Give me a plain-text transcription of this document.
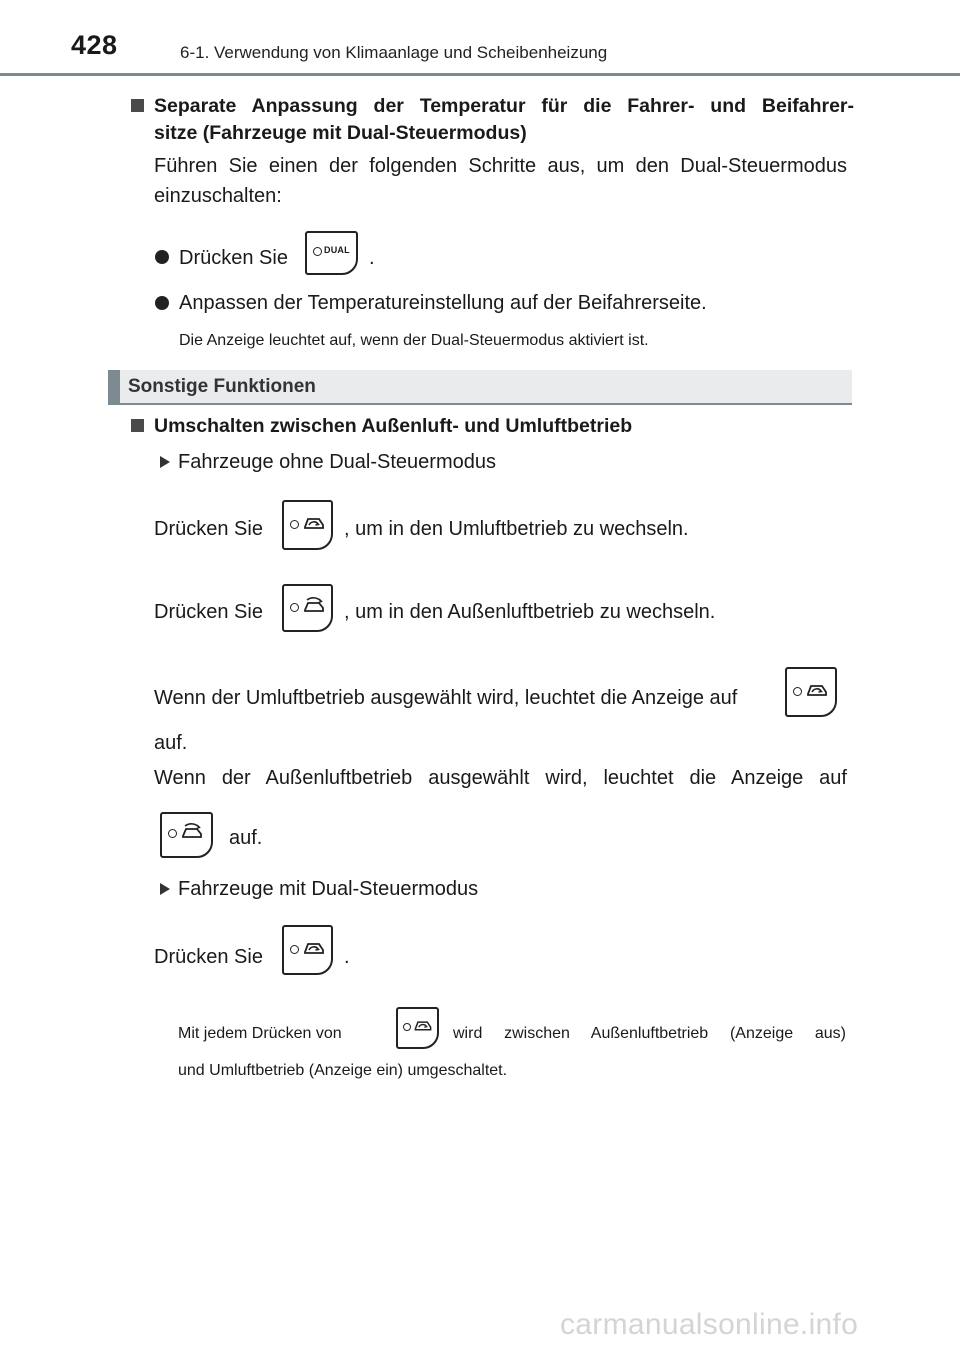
428	6-1. Verwendung von Klimaanlage und Scheibenheizung
Separate Anpassung der Temperatur für die Fahrer- und Beifahrer-
sitze (Fahrzeuge mit Dual-Steuermodus)
Führen Sie einen der folgenden Schritte aus, um den Dual-Steuermodus
einzuschalten:
Drücken Sie	DUAL .
Anpassen der Temperatureinstellung auf der Beifahrerseite.
Die Anzeige leuchtet auf, wenn der Dual-Steuermodus aktiviert ist.
Sonstige Funktionen
Umschalten zwischen Außenluft- und Umluftbetrieb
Fahrzeuge ohne Dual-Steuermodus
Drücken Sie	, um in den Umluftbetrieb zu wechseln.
Drücken Sie	, um in den Außenluftbetrieb zu wechseln.
Wenn der Umluftbetrieb ausgewählt wird, leuchtet die Anzeige auf
auf.
Wenn der Außenluftbetrieb ausgewählt wird, leuchtet die Anzeige auf
auf.
Fahrzeuge mit Dual-Steuermodus
Drücken Sie	.
Mit jedem Drücken von	wird zwischen Außenluftbetrieb (Anzeige aus)
und Umluftbetrieb (Anzeige ein) umgeschaltet.
carmanualsonline.info
